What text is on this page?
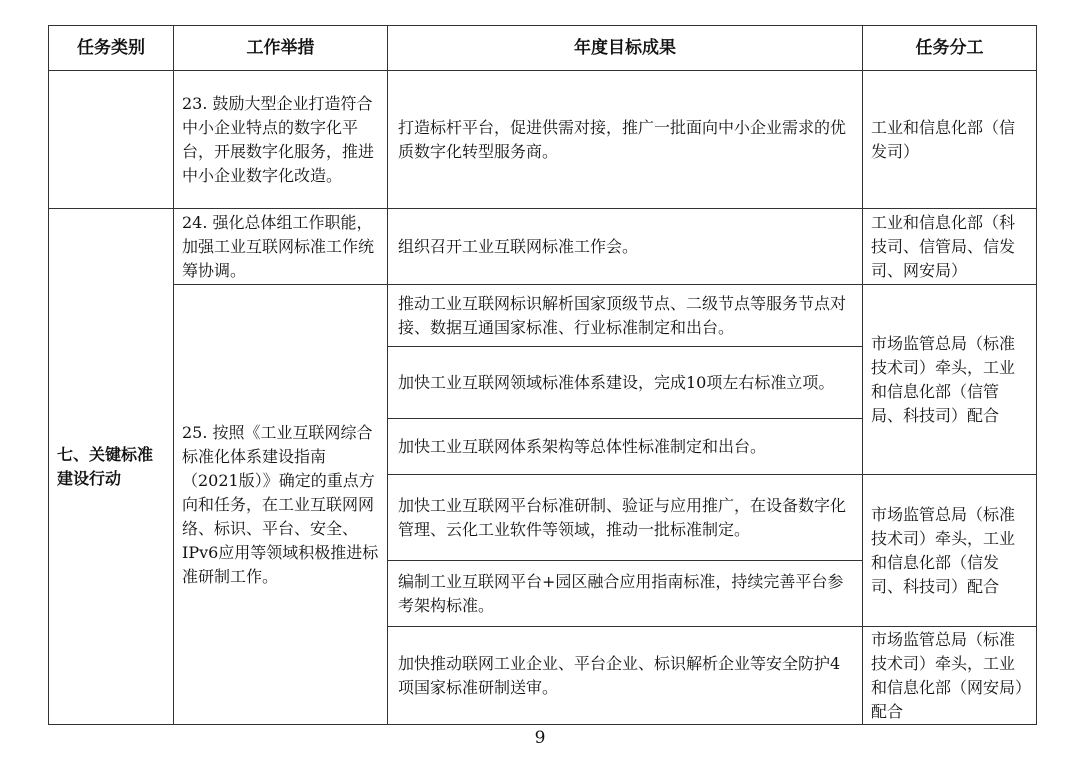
任务类别	工作举措	年度目标成果	任务分工
	23. 鼓励大型企业打造符合中小企业特点的数字化平台，开展数字化服务，推进中小企业数字化改造。	打造标杆平台，促进供需对接，推广一批面向中小企业需求的优质数字化转型服务商。	工业和信息化部（信发司）
七、关键标准建设行动	24. 强化总体组工作职能，加强工业互联网标准工作统筹协调。	组织召开工业互联网标准工作会。	工业和信息化部（科技司、信管局、信发司、网安局）
	25. 按照《工业互联网综合标准化体系建设指南（2021版）》确定的重点方向和任务，在工业互联网网络、标识、平台、安全、IPv6应用等领域积极推进标准研制工作。	推动工业互联网标识解析国家顶级节点、二级节点等服务节点对接、数据互通国家标准、行业标准制定和出台。	市场监管总局（标准技术司）牵头，工业和信息化部（信管局、科技司）配合
		加快工业互联网领域标准体系建设，完成10项左右标准立项。	
		加快工业互联网体系架构等总体性标准制定和出台。	
		加快工业互联网平台标准研制、验证与应用推广，在设备数字化管理、云化工业软件等领域，推动一批标准制定。	市场监管总局（标准技术司）牵头，工业和信息化部（信发司、科技司）配合
		编制工业互联网平台+园区融合应用指南标准，持续完善平台参考架构标准。	
		加快推动联网工业企业、平台企业、标识解析企业等安全防护4项国家标准研制送审。	市场监管总局（标准技术司）牵头，工业和信息化部（网安局）配合
9
